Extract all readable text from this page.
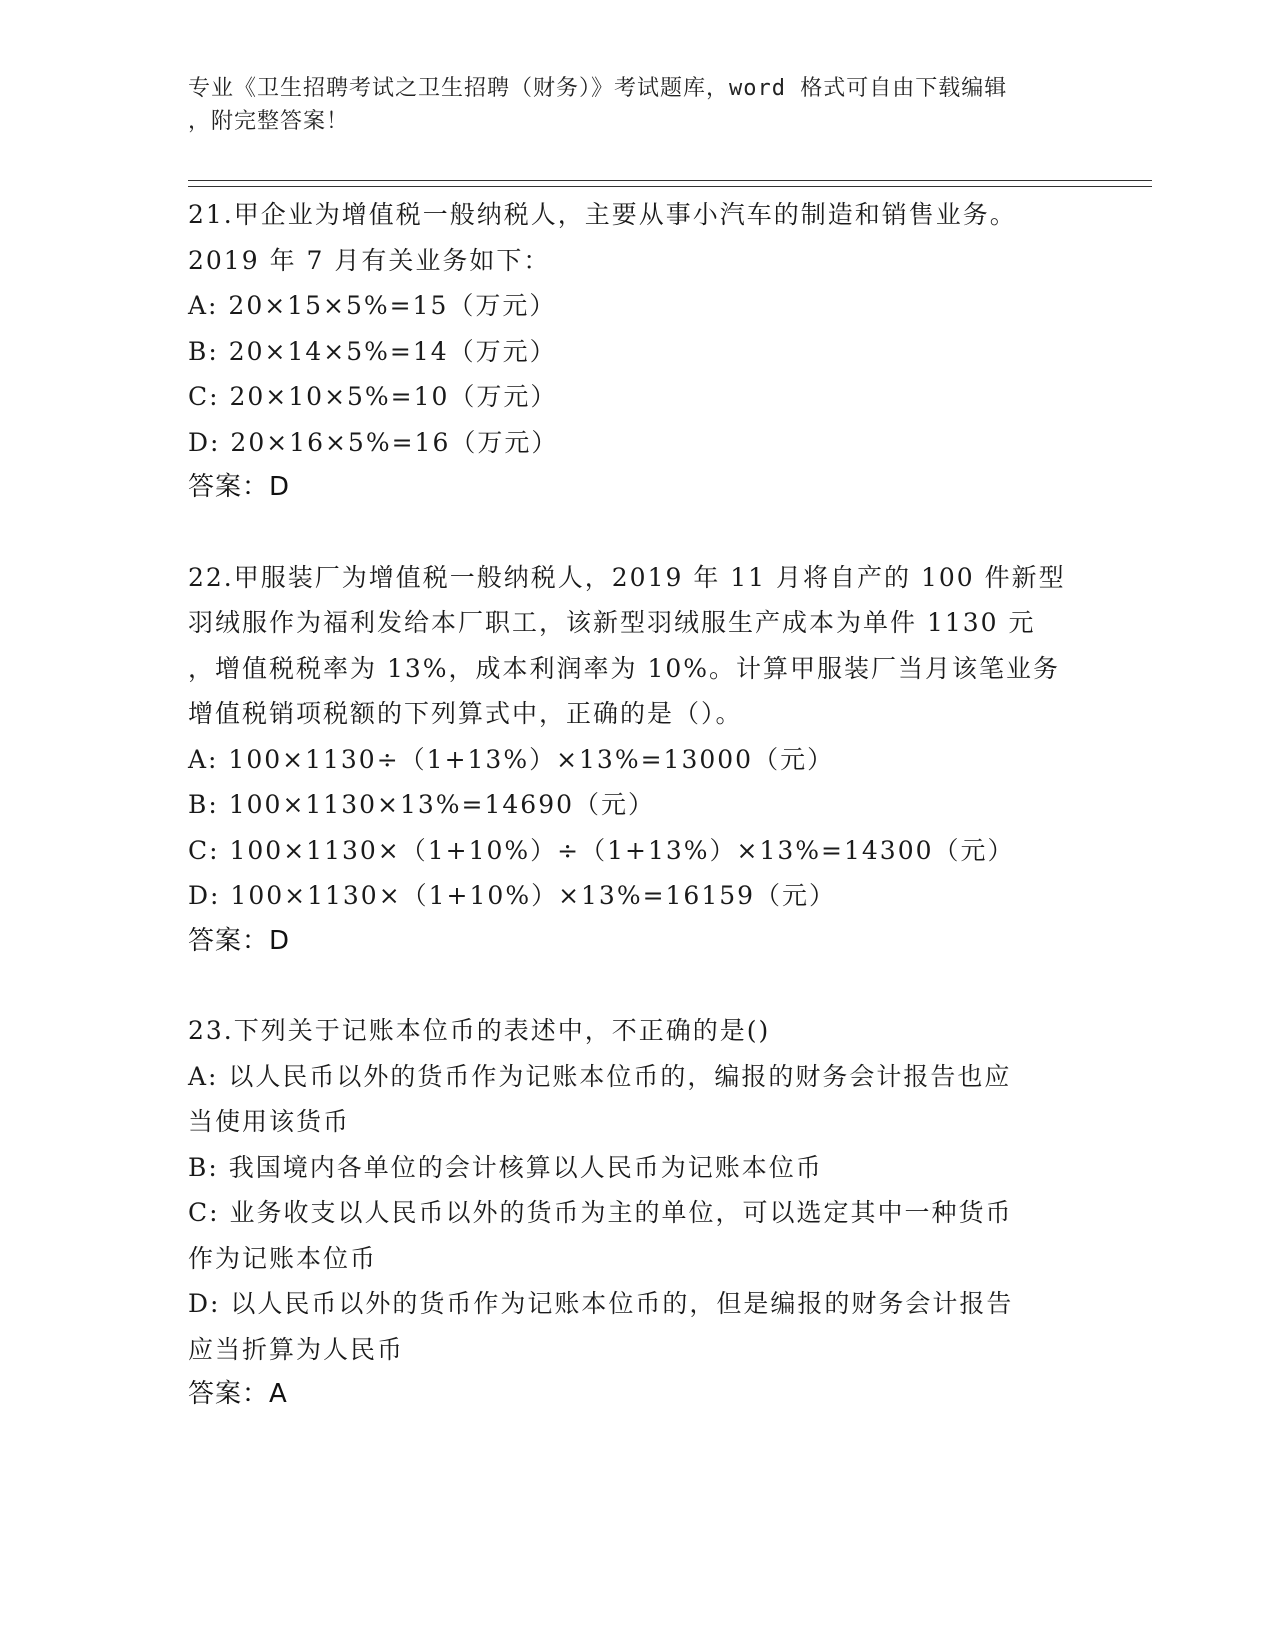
专业《卫生招聘考试之卫生招聘（财务）》考试题库，word 格式可自由下载编辑
，附完整答案！
21.甲企业为增值税一般纳税人，主要从事小汽车的制造和销售业务。
2019 年 7 月有关业务如下：
A: 20×15×5%=15（万元）
B: 20×14×5%=14（万元）
C: 20×10×5%=10（万元）
D: 20×16×5%=16（万元）
答案：D
22.甲服装厂为增值税一般纳税人，2019 年 11 月将自产的 100 件新型
羽绒服作为福利发给本厂职工，该新型羽绒服生产成本为单件 1130 元
，增值税税率为 13%，成本利润率为 10%。计算甲服装厂当月该笔业务
增值税销项税额的下列算式中，正确的是（）。
A: 100×1130÷（1+13%）×13%=13000（元）
B: 100×1130×13%=14690（元）
C: 100×1130×（1+10%）÷（1+13%）×13%=14300（元）
D: 100×1130×（1+10%）×13%=16159（元）
答案：D
23.下列关于记账本位币的表述中，不正确的是()
A: 以人民币以外的货币作为记账本位币的，编报的财务会计报告也应
当使用该货币
B: 我国境内各单位的会计核算以人民币为记账本位币
C: 业务收支以人民币以外的货币为主的单位，可以选定其中一种货币
作为记账本位币
D: 以人民币以外的货币作为记账本位币的，但是编报的财务会计报告
应当折算为人民币
答案：A
